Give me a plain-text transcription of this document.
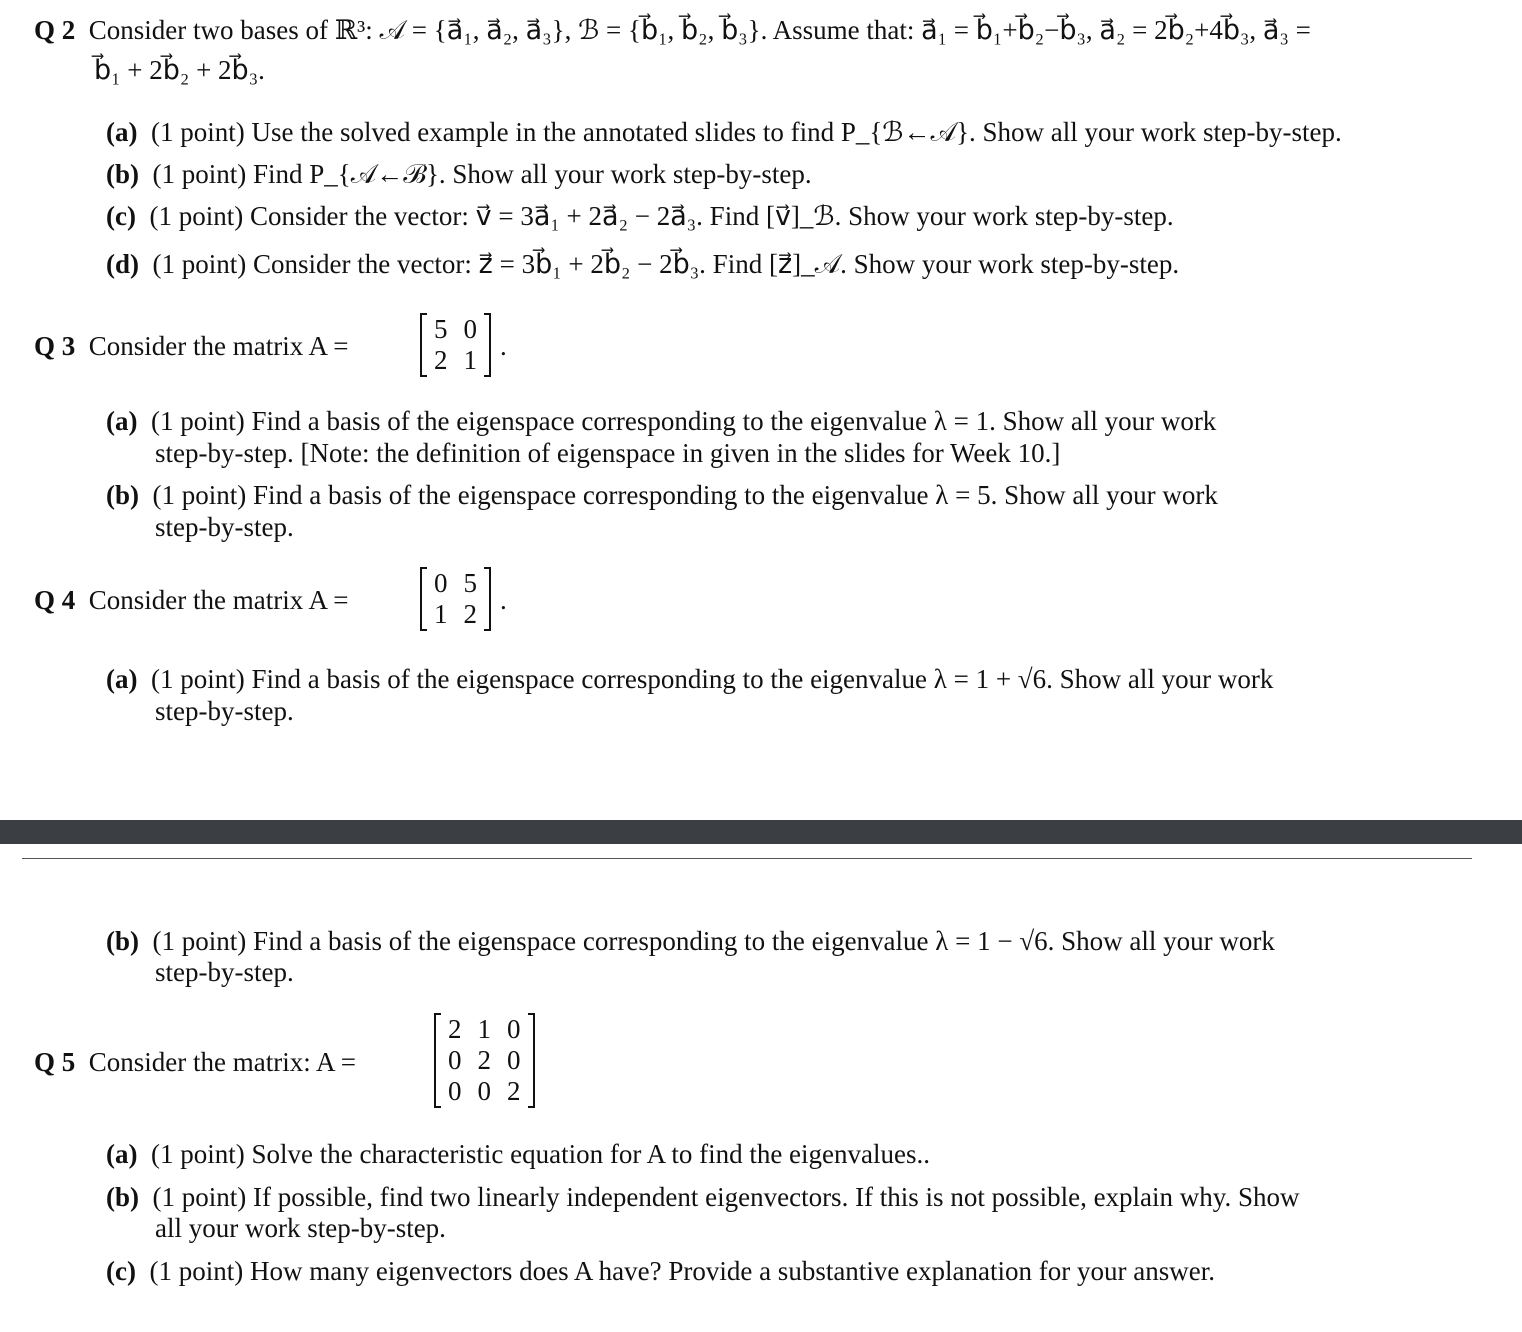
Q 2 Consider two bases of ℝ³: 𝒜 = {a⃗₁, a⃗₂, a⃗₃}, ℬ = {b⃗₁, b⃗₂, b⃗₃}. Assume that: a⃗₁ = b⃗₁+b⃗₂−b⃗₃, a⃗₂ = 2b⃗₂+4b⃗₃, a⃗₃ =
b⃗₁ + 2b⃗₂ + 2b⃗₃.
(a) (1 point) Use the solved example in the annotated slides to find P_{ℬ←𝒜}. Show all your work step-by-step.
(b) (1 point) Find P_{𝒜←ℬ}. Show all your work step-by-step.
(c) (1 point) Consider the vector: v⃗ = 3a⃗₁ + 2a⃗₂ − 2a⃗₃. Find [v⃗]_ℬ. Show your work step-by-step.
(d) (1 point) Consider the vector: z⃗ = 3b⃗₁ + 2b⃗₂ − 2b⃗₃. Find [z⃗]_𝒜. Show your work step-by-step.
Q 3 Consider the matrix A =
5	0
2	1 .
(a) (1 point) Find a basis of the eigenspace corresponding to the eigenvalue λ = 1. Show all your work
step-by-step. [Note: the definition of eigenspace in given in the slides for Week 10.]
(b) (1 point) Find a basis of the eigenspace corresponding to the eigenvalue λ = 5. Show all your work
step-by-step.
Q 4 Consider the matrix A =
0	5
1	2 .
(a) (1 point) Find a basis of the eigenspace corresponding to the eigenvalue λ = 1 + √6. Show all your work
step-by-step.
(b) (1 point) Find a basis of the eigenspace corresponding to the eigenvalue λ = 1 − √6. Show all your work
step-by-step.
Q 5 Consider the matrix: A =
2	1	0
0	2	0
0	0	2
(a) (1 point) Solve the characteristic equation for A to find the eigenvalues..
(b) (1 point) If possible, find two linearly independent eigenvectors. If this is not possible, explain why. Show
all your work step-by-step.
(c) (1 point) How many eigenvectors does A have? Provide a substantive explanation for your answer.
